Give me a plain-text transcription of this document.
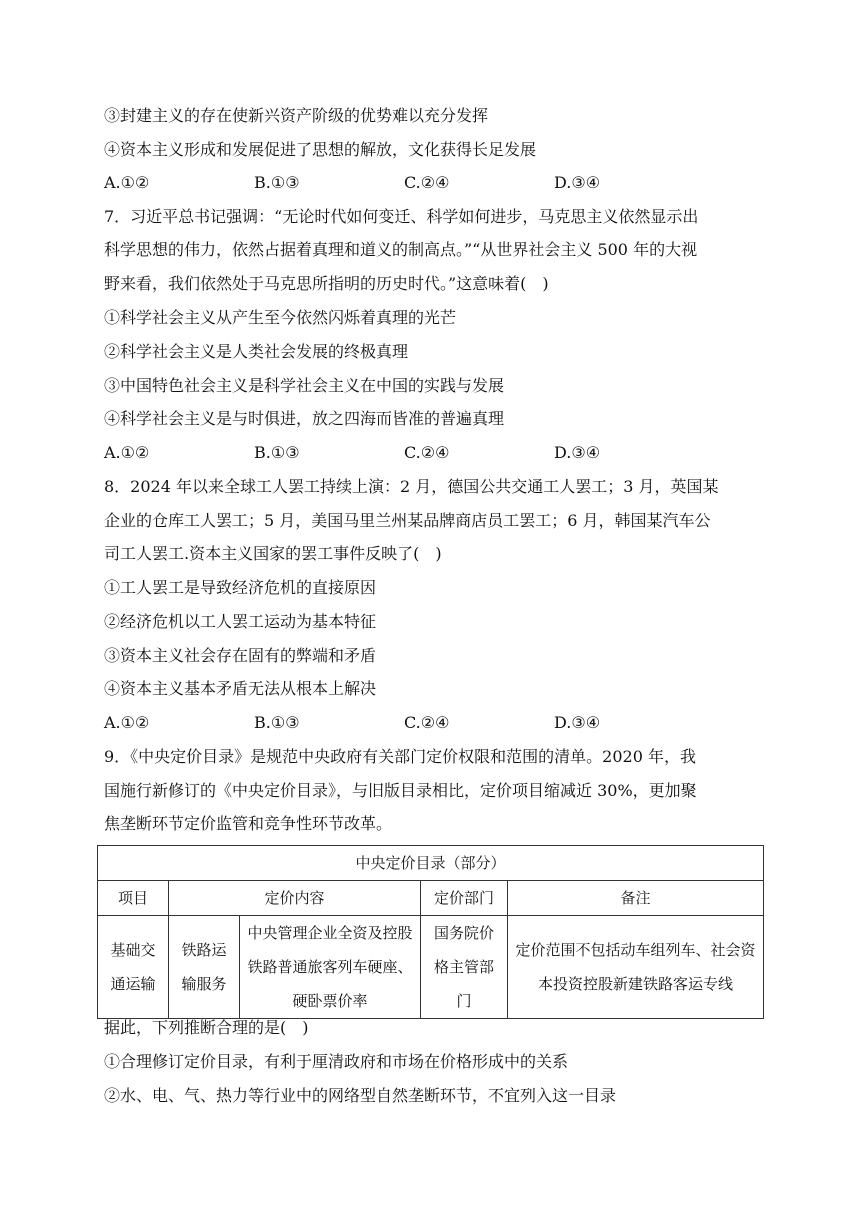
③封建主义的存在使新兴资产阶级的优势难以充分发挥
④资本主义形成和发展促进了思想的解放，文化获得长足发展
A.①②	B.①③	C.②④	D.③④
7．习近平总书记强调：“无论时代如何变迁、科学如何进步，马克思主义依然显示出
科学思想的伟力，依然占据着真理和道义的制高点。”“从世界社会主义 500 年的大视
野来看，我们依然处于马克思所指明的历史时代。”这意味着(　)
①科学社会主义从产生至今依然闪烁着真理的光芒
②科学社会主义是人类社会发展的终极真理
③中国特色社会主义是科学社会主义在中国的实践与发展
④科学社会主义是与时俱进，放之四海而皆准的普遍真理
A.①②	B.①③	C.②④	D.③④
8．2024 年以来全球工人罢工持续上演：2 月，德国公共交通工人罢工；3 月，英国某
企业的仓库工人罢工；5 月，美国马里兰州某品牌商店员工罢工；6 月，韩国某汽车公
司工人罢工.资本主义国家的罢工事件反映了(　)
①工人罢工是导致经济危机的直接原因
②经济危机以工人罢工运动为基本特征
③资本主义社会存在固有的弊端和矛盾
④资本主义基本矛盾无法从根本上解决
A.①②	B.①③	C.②④	D.③④
9．《中央定价目录》是规范中央政府有关部门定价权限和范围的清单。2020 年，我
国施行新修订的《中央定价目录》，与旧版目录相比，定价项目缩减近 30%，更加聚
焦垄断环节定价监管和竞争性环节改革。
中央定价目录（部分）				
项目	定价内容		定价部门	备注
基础交通运输	铁路运输服务	中央管理企业全资及控股铁路普通旅客列车硬座、硬卧票价率	国务院价格主管部门	定价范围不包括动车组列车、社会资本投资控股新建铁路客运专线
据此，下列推断合理的是(　)
①合理修订定价目录，有利于厘清政府和市场在价格形成中的关系
②水、电、气、热力等行业中的网络型自然垄断环节，不宜列入这一目录
